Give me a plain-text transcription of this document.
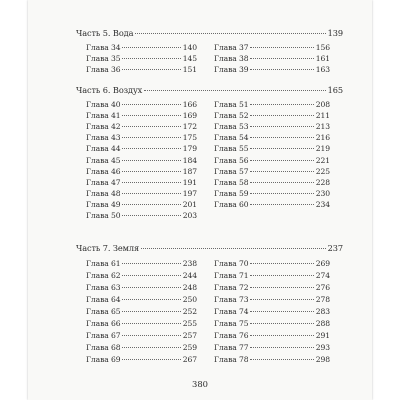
Часть 5. Вода	139
Глава 34	140
Глава 35	145
Глава 36	151
Глава 37	156
Глава 38	161
Глава 39	163
Часть 6. Воздух	165
Глава 40	166
Глава 41	169
Глава 42	172
Глава 43	175
Глава 44	179
Глава 45	184
Глава 46	187
Глава 47	191
Глава 48	197
Глава 49	201
Глава 50	203
Глава 51	208
Глава 52	211
Глава 53	213
Глава 54	216
Глава 55	219
Глава 56	221
Глава 57	225
Глава 58	228
Глава 59	230
Глава 60	234
Часть 7. Земля	237
Глава 61	238
Глава 62	244
Глава 63	248
Глава 64	250
Глава 65	252
Глава 66	255
Глава 67	257
Глава 68	259
Глава 69	267
Глава 70	269
Глава 71	274
Глава 72	276
Глава 73	278
Глава 74	283
Глава 75	288
Глава 76	291
Глава 77	293
Глава 78	298
380
